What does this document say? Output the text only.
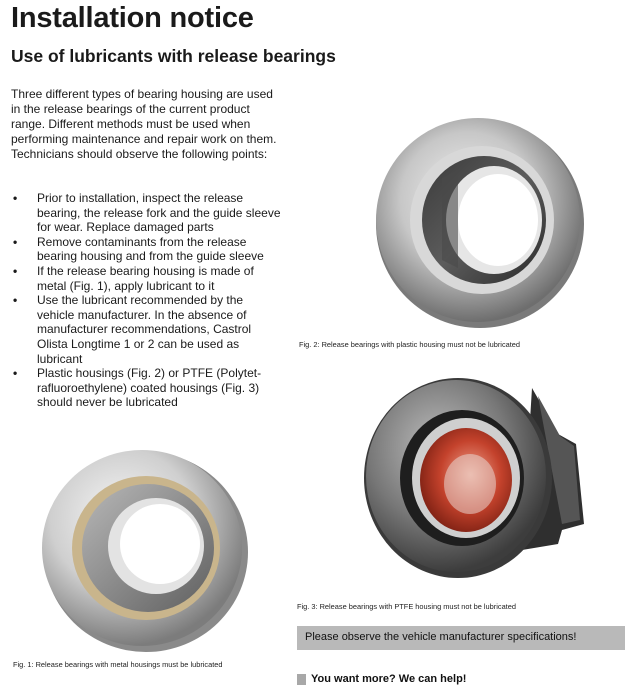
Installation notice
Use of lubricants with release bearings
Three different types of bearing housing are used in the release bearings of the current product range. Different methods must be used when performing maintenance and repair work on them. Technicians should observe the following points:
• Prior to installation, inspect the release bearing, the release fork and the guide sleeve for wear. Replace damaged parts
• Remove contaminants from the release bearing housing and from the guide sleeve
• If the release bearing housing is made of metal (Fig. 1), apply lubricant to it
• Use the lubricant recommended by the vehicle manufacturer. In the absence of manufacturer recommendations, Castrol Olista Longtime 1 or 2 can be used as lubricant
• Plastic housings (Fig. 2) or PTFE (Polytet-rafluoroethylene) coated housings (Fig. 3) should never be lubricated
Fig. 2: Release bearings with plastic housing must not be lubricated
Fig. 3: Release bearings with PTFE housing must not be lubricated
Fig. 1: Release bearings with metal housings must be lubricated
Please observe the vehicle manufacturer specifications!
You want more? We can help!
